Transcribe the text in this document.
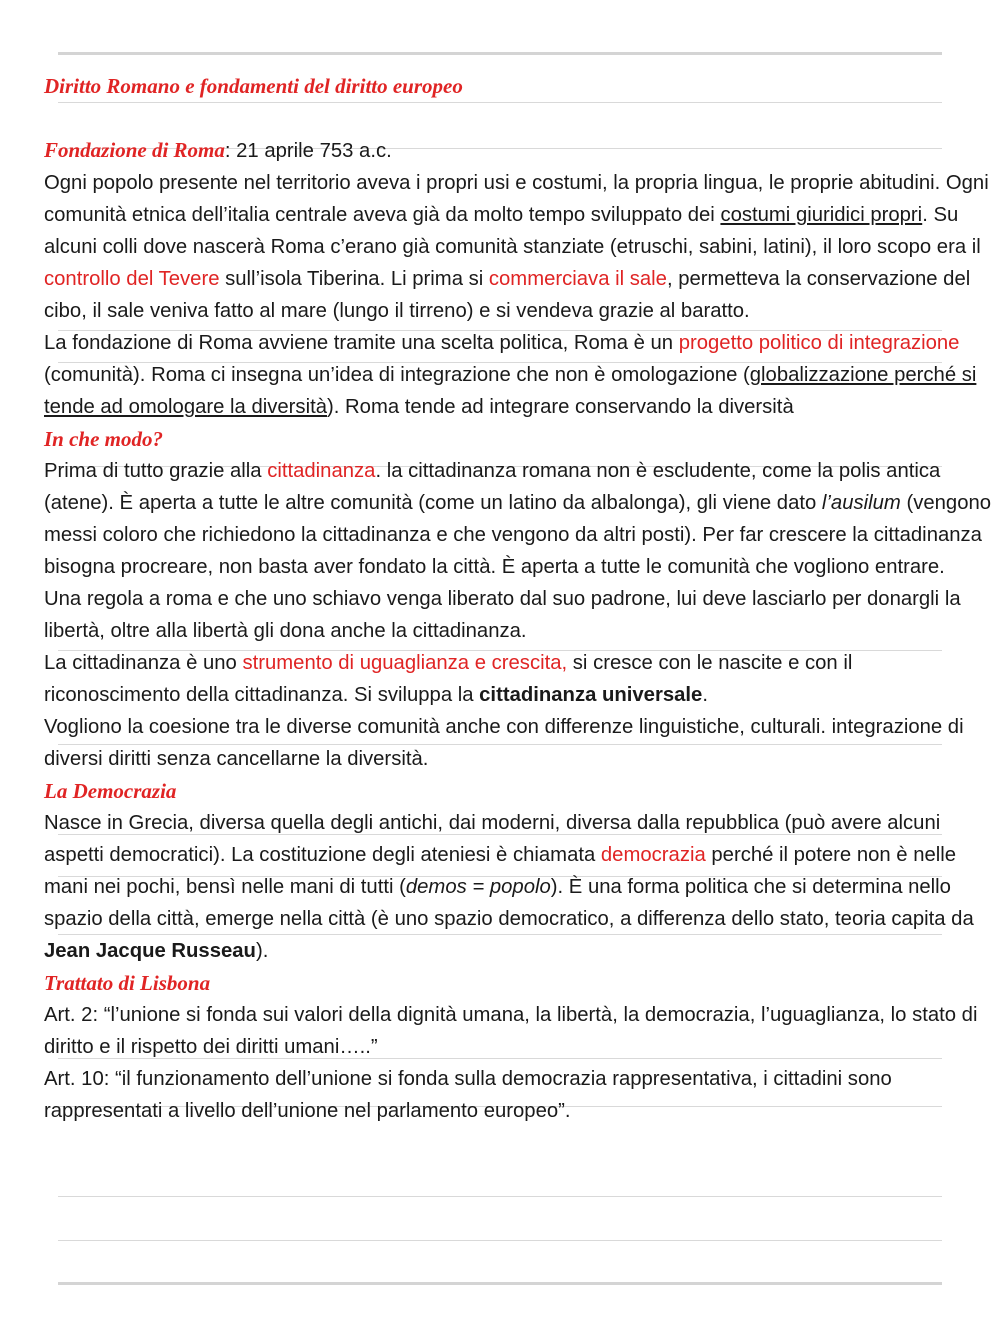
Diritto Romano e fondamenti del diritto europeo

Fondazione di Roma: 21 aprile 753 a.c.

Ogni popolo presente nel territorio aveva i propri usi e costumi, la propria lingua, le proprie abitudini. Ogni comunità etnica dell’italia centrale aveva già da molto tempo sviluppato dei costumi giuridici propri. Su alcuni colli dove nascerà Roma c’erano già comunità stanziate (etruschi, sabini, latini), il loro scopo era il controllo del Tevere sull’isola Tiberina. Li prima si commerciava il sale, permetteva la conservazione del cibo, il sale veniva fatto al mare (lungo il tirreno) e si vendeva grazie al baratto.

La fondazione di Roma avviene tramite una scelta politica, Roma è un progetto politico di integrazione (comunità). Roma ci insegna un’idea di integrazione che non è omologazione (globalizzazione perché si tende ad omologare la diversità). Roma tende ad integrare conservando la diversità

In che modo?

Prima di tutto grazie alla cittadinanza. la cittadinanza romana non è escludente, come la polis antica (atene). È aperta a tutte le altre comunità (come un latino da albalonga), gli viene dato l’ausilum (vengono messi coloro che richiedono la cittadinanza e che vengono da altri posti). Per far crescere la cittadinanza bisogna procreare, non basta aver fondato la città. È aperta a tutte le comunità che vogliono entrare.

Una regola a roma e che uno schiavo venga liberato dal suo padrone, lui deve lasciarlo per donargli la libertà, oltre alla libertà gli dona anche la cittadinanza.

La cittadinanza è uno strumento di uguaglianza e crescita, si cresce con le nascite e con il riconoscimento della cittadinanza. Si sviluppa la cittadinanza universale.

Vogliono la coesione tra le diverse comunità anche con differenze linguistiche, culturali. integrazione di diversi diritti senza cancellarne la diversità.

La Democrazia

Nasce in Grecia, diversa quella degli antichi, dai moderni, diversa dalla repubblica (può avere alcuni aspetti democratici). La costituzione degli ateniesi è chiamata democrazia perché il potere non è nelle mani nei pochi, bensì nelle mani di tutti (demos = popolo). È una forma politica che si determina nello spazio della città, emerge nella città (è uno spazio democratico, a differenza dello stato, teoria capita da Jean Jacque Russeau).

Trattato di Lisbona

Art. 2: “l’unione si fonda sui valori della dignità umana, la libertà, la democrazia, l’uguaglianza, lo stato di diritto e il rispetto dei diritti umani…..”

Art. 10: “il funzionamento dell’unione si fonda sulla democrazia rappresentativa, i cittadini sono rappresentati a livello dell’unione nel parlamento europeo”.
